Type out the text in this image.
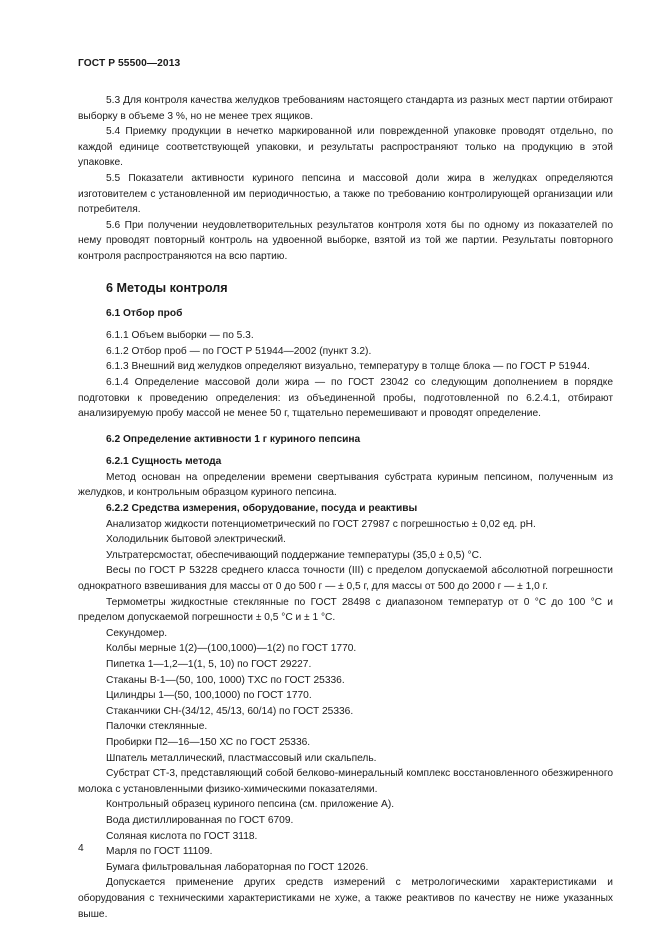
ГОСТ Р 55500—2013

5.3 Для контроля качества желудков требованиям настоящего стандарта из разных мест партии отбирают выборку в объеме 3 %, но не менее трех ящиков.

5.4 Приемку продукции в нечетко маркированной или поврежденной упаковке проводят отдельно, по каждой единице соответствующей упаковки, и результаты распространяют только на продукцию в этой упаковке.

5.5 Показатели активности куриного пепсина и массовой доли жира в желудках определяются изготовителем с установленной им периодичностью, а также по требованию контролирующей организации или потребителя.

5.6 При получении неудовлетворительных результатов контроля хотя бы по одному из показателей по нему проводят повторный контроль на удвоенной выборке, взятой из той же партии. Результаты повторного контроля распространяются на всю партию.

6 Методы контроля
6.1 Отбор проб

6.1.1 Объем выборки — по 5.3.

6.1.2 Отбор проб — по ГОСТ Р 51944—2002 (пункт 3.2).

6.1.3 Внешний вид желудков определяют визуально, температуру в толще блока — по ГОСТ Р 51944.

6.1.4 Определение массовой доли жира — по ГОСТ 23042 со следующим дополнением в порядке подготовки к проведению определения: из объединенной пробы, подготовленной по 6.2.4.1, отбирают анализируемую пробу массой не менее 50 г, тщательно перемешивают и проводят определение.

6.2 Определение активности 1 г куриного пепсина
6.2.1 Сущность метода

Метод основан на определении времени свертывания субстрата куриным пепсином, полученным из желудков, и контрольным образцом куриного пепсина.

6.2.2 Средства измерения, оборудование, посуда и реактивы

Анализатор жидкости потенциометрический по ГОСТ 27987 с погрешностью ± 0,02 ед. pH.

Холодильник бытовой электрический.

Ультратерсмостат, обеспечивающий поддержание температуры (35,0 ± 0,5) °С.

Весы по ГОСТ Р 53228 среднего класса точности (III) с пределом допускаемой абсолютной погрешности однократного взвешивания для массы от 0 до 500 г — ± 0,5 г, для массы от 500 до 2000 г — ± 1,0 г.

Термометры жидкостные стеклянные по ГОСТ 28498 с диапазоном температур от 0 °С до 100 °С и пределом допускаемой погрешности ± 0,5 °С и ± 1 °С.

Секундомер.

Колбы мерные 1(2)—(100,1000)—1(2) по ГОСТ 1770.

Пипетка 1—1,2—1(1, 5, 10) по ГОСТ 29227.

Стаканы В-1—(50, 100, 1000) ТХС по ГОСТ 25336.

Цилиндры 1—(50, 100,1000) по ГОСТ 1770.

Стаканчики СН-(34/12, 45/13, 60/14) по ГОСТ 25336.

Палочки стеклянные.

Пробирки П2—16—150 ХС по ГОСТ 25336.

Шпатель металлический, пластмассовый или скальпель.

Субстрат СТ-3, представляющий собой белково-минеральный комплекс восстановленного обезжиренного молока с установленными физико-химическими показателями.

Контрольный образец куриного пепсина (см. приложение А).

Вода дистиллированная по ГОСТ 6709.

Соляная кислота по ГОСТ 3118.

Марля по ГОСТ 11109.

Бумага фильтровальная лабораторная по ГОСТ 12026.

Допускается применение других средств измерений с метрологическими характеристиками и оборудования с техническими характеристиками не хуже, а также реактивов по качеству не ниже указанных выше.

4
